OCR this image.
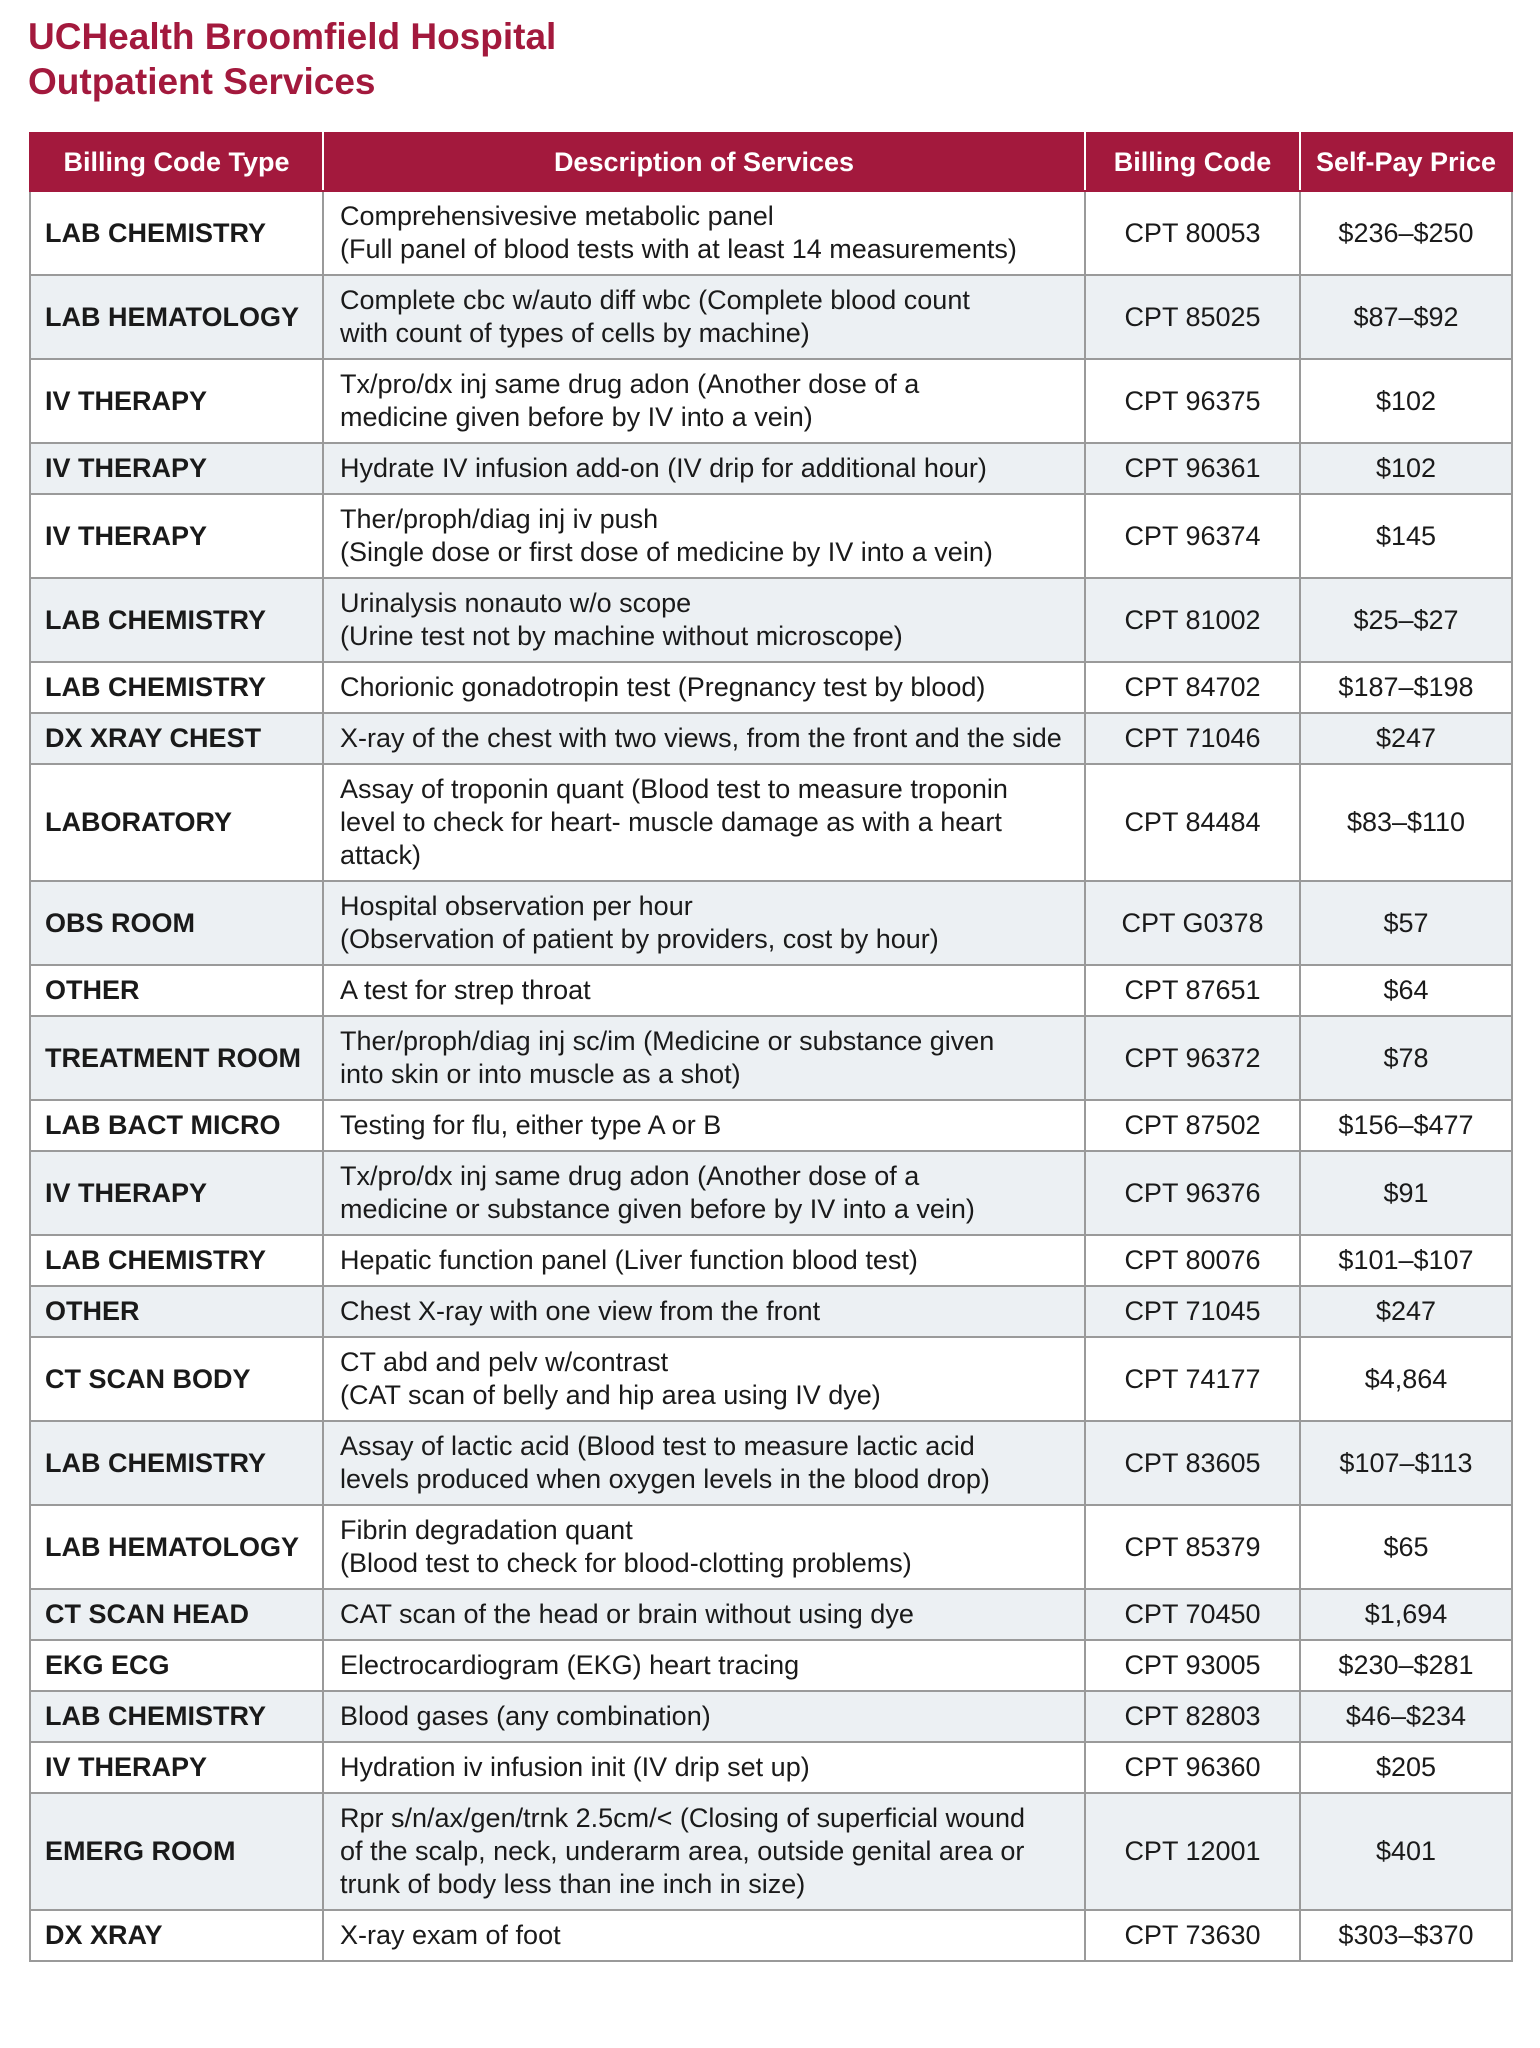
UCHealth Broomfield Hospital
Outpatient Services
Billing Code Type	Description of Services	Billing Code	Self-Pay Price
LAB CHEMISTRY	Comprehensivesive metabolic panel
(Full panel of blood tests with at least 14 measurements)	CPT 80053	$236–$250
LAB HEMATOLOGY	Complete cbc w/auto diff wbc (Complete blood count
with count of types of cells by machine)	CPT 85025	$87–$92
IV THERAPY	Tx/pro/dx inj same drug adon (Another dose of a
medicine given before by IV into a vein)	CPT 96375	$102
IV THERAPY	Hydrate IV infusion add-on (IV drip for additional hour)	CPT 96361	$102
IV THERAPY	Ther/proph/diag inj iv push
(Single dose or first dose of medicine by IV into a vein)	CPT 96374	$145
LAB CHEMISTRY	Urinalysis nonauto w/o scope
(Urine test not by machine without microscope)	CPT 81002	$25–$27
LAB CHEMISTRY	Chorionic gonadotropin test (Pregnancy test by blood)	CPT 84702	$187–$198
DX XRAY CHEST	X-ray of the chest with two views, from the front and the side	CPT 71046	$247
LABORATORY	Assay of troponin quant (Blood test to measure troponin
level to check for heart- muscle damage as with a heart
attack)	CPT 84484	$83–$110
OBS ROOM	Hospital observation per hour
(Observation of patient by providers, cost by hour)	CPT G0378	$57
OTHER	A test for strep throat	CPT 87651	$64
TREATMENT ROOM	Ther/proph/diag inj sc/im (Medicine or substance given
into skin or into muscle as a shot)	CPT 96372	$78
LAB BACT MICRO	Testing for flu, either type A or B	CPT 87502	$156–$477
IV THERAPY	Tx/pro/dx inj same drug adon (Another dose of a
medicine or substance given before by IV into a vein)	CPT 96376	$91
LAB CHEMISTRY	Hepatic function panel (Liver function blood test)	CPT 80076	$101–$107
OTHER	Chest X-ray with one view from the front	CPT 71045	$247
CT SCAN BODY	CT abd and pelv w/contrast
(CAT scan of belly and hip area using IV dye)	CPT 74177	$4,864
LAB CHEMISTRY	Assay of lactic acid (Blood test to measure lactic acid
levels produced when oxygen levels in the blood drop)	CPT 83605	$107–$113
LAB HEMATOLOGY	Fibrin degradation quant
(Blood test to check for blood-clotting problems)	CPT 85379	$65
CT SCAN HEAD	CAT scan of the head or brain without using dye	CPT 70450	$1,694
EKG ECG	Electrocardiogram (EKG) heart tracing	CPT 93005	$230–$281
LAB CHEMISTRY	Blood gases (any combination)	CPT 82803	$46–$234
IV THERAPY	Hydration iv infusion init (IV drip set up)	CPT 96360	$205
EMERG ROOM	Rpr s/n/ax/gen/trnk 2.5cm/< (Closing of superficial wound
of the scalp, neck, underarm area, outside genital area or
trunk of body less than ine inch in size)	CPT 12001	$401
DX XRAY	X-ray exam of foot	CPT 73630	$303–$370
